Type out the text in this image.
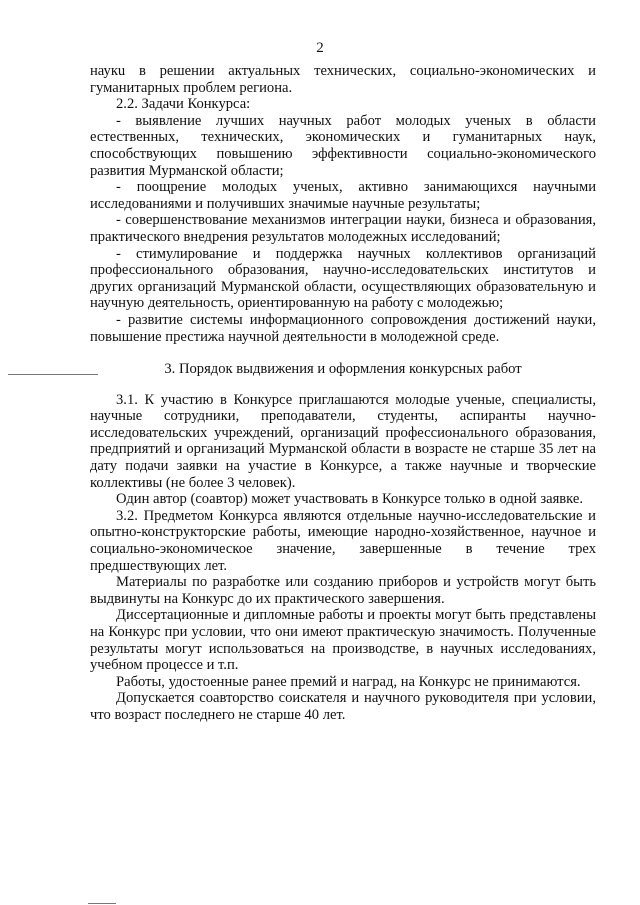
2

наукu в решении актуальных технических, социально-экономических и гуманитарных проблем региона.

2.2. Задачи Конкурса:

- выявление лучших научных работ молодых ученых в области естественных, технических, экономических и гуманитарных наук, способствующих повышению эффективности социально-экономического развития Мурманской области;

- поощрение молодых ученых, активно занимающихся научными исследованиями и получивших значимые научные результаты;

- совершенствование механизмов интеграции науки, бизнеса и образования, практического внедрения результатов молодежных исследований;

- стимулирование и поддержка научных коллективов организаций профессионального образования, научно-исследовательских институтов и других организаций Мурманской области, осуществляющих образовательную и научную деятельность, ориентированную на работу с молодежью;

- развитие системы информационного сопровождения достижений науки, повышение престижа научной деятельности в молодежной среде.

3. Порядок выдвижения и оформления конкурсных работ

3.1. К участию в Конкурсе приглашаются молодые ученые, специалисты, научные сотрудники, преподаватели, студенты, аспиранты научно-исследовательских учреждений, организаций профессионального образования, предприятий и организаций Мурманской области в возрасте не старше 35 лет на дату подачи заявки на участие в Конкурсе, а также научные и творческие коллективы (не более 3 человек).

Один автор (соавтор) может участвовать в Конкурсе только в одной заявке.

3.2. Предметом Конкурса являются отдельные научно-исследовательские и опытно-конструкторские работы, имеющие народно-хозяйственное, научное и социально-экономическое значение, завершенные в течение трех предшествующих лет.

Материалы по разработке или созданию приборов и устройств могут быть выдвинуты на Конкурс до их практического завершения.

Диссертационные и дипломные работы и проекты могут быть представлены на Конкурс при условии, что они имеют практическую значимость. Полученные результаты могут использоваться на производстве, в научных исследованиях, учебном процессе и т.п.

Работы, удостоенные ранее премий и наград, на Конкурс не принимаются.

Допускается соавторство соискателя и научного руководителя при условии, что возраст последнего не старше 40 лет.
